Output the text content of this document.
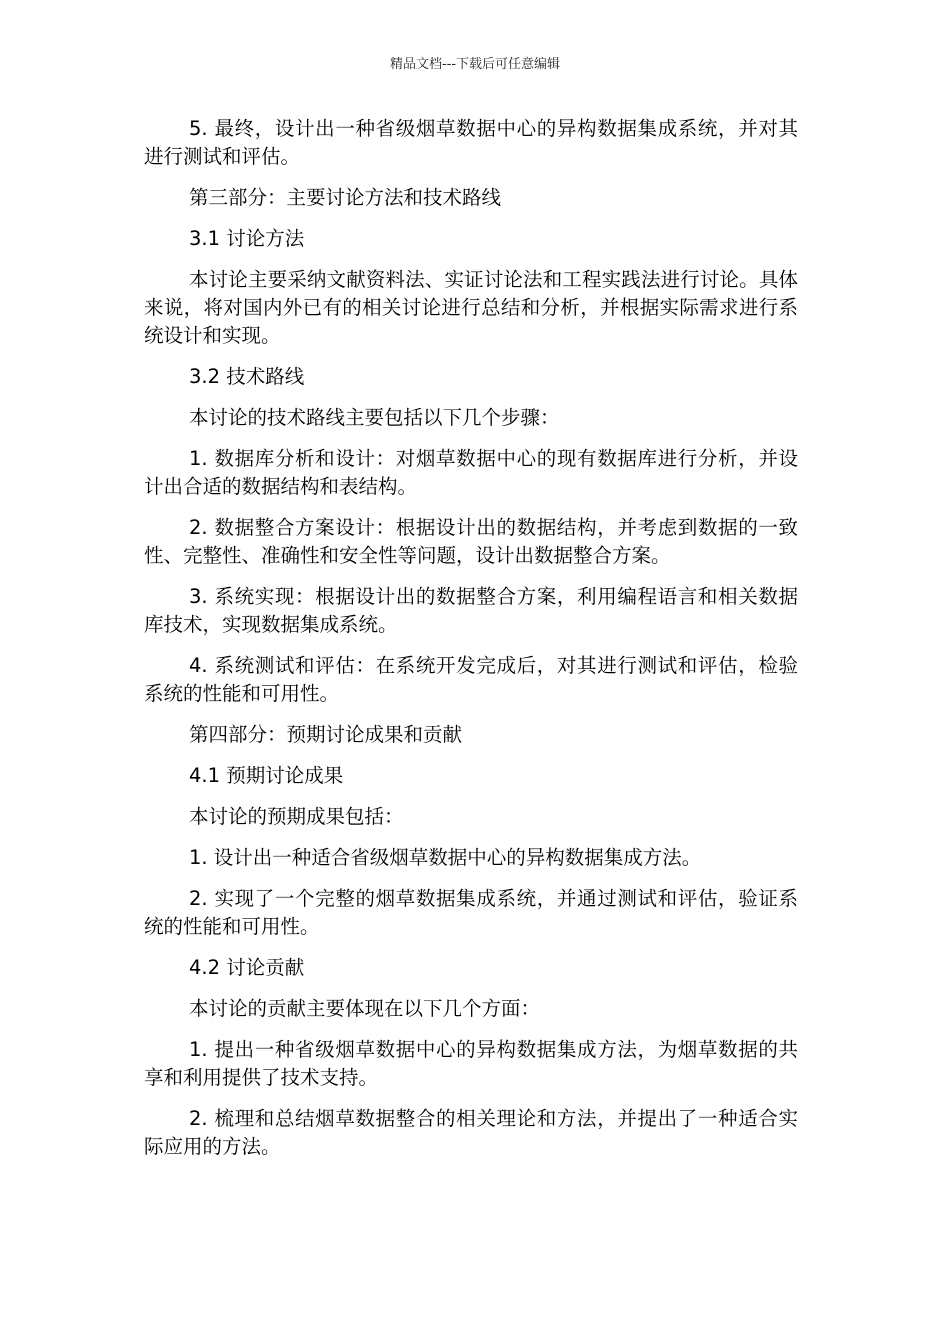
精品文档---下载后可任意编辑

5. 最终，设计出一种省级烟草数据中心的异构数据集成系统，并对其进行测试和评估。

第三部分：主要讨论方法和技术路线

3.1 讨论方法

本讨论主要采纳文献资料法、实证讨论法和工程实践法进行讨论。具体来说，将对国内外已有的相关讨论进行总结和分析，并根据实际需求进行系统设计和实现。

3.2 技术路线

本讨论的技术路线主要包括以下几个步骤：

1. 数据库分析和设计：对烟草数据中心的现有数据库进行分析，并设计出合适的数据结构和表结构。

2. 数据整合方案设计：根据设计出的数据结构，并考虑到数据的一致性、完整性、准确性和安全性等问题，设计出数据整合方案。

3. 系统实现：根据设计出的数据整合方案，利用编程语言和相关数据库技术，实现数据集成系统。

4. 系统测试和评估：在系统开发完成后，对其进行测试和评估，检验系统的性能和可用性。

第四部分：预期讨论成果和贡献

4.1 预期讨论成果

本讨论的预期成果包括：

1. 设计出一种适合省级烟草数据中心的异构数据集成方法。

2. 实现了一个完整的烟草数据集成系统，并通过测试和评估，验证系统的性能和可用性。

4.2 讨论贡献

本讨论的贡献主要体现在以下几个方面：

1. 提出一种省级烟草数据中心的异构数据集成方法，为烟草数据的共享和利用提供了技术支持。

2. 梳理和总结烟草数据整合的相关理论和方法，并提出了一种适合实际应用的方法。
